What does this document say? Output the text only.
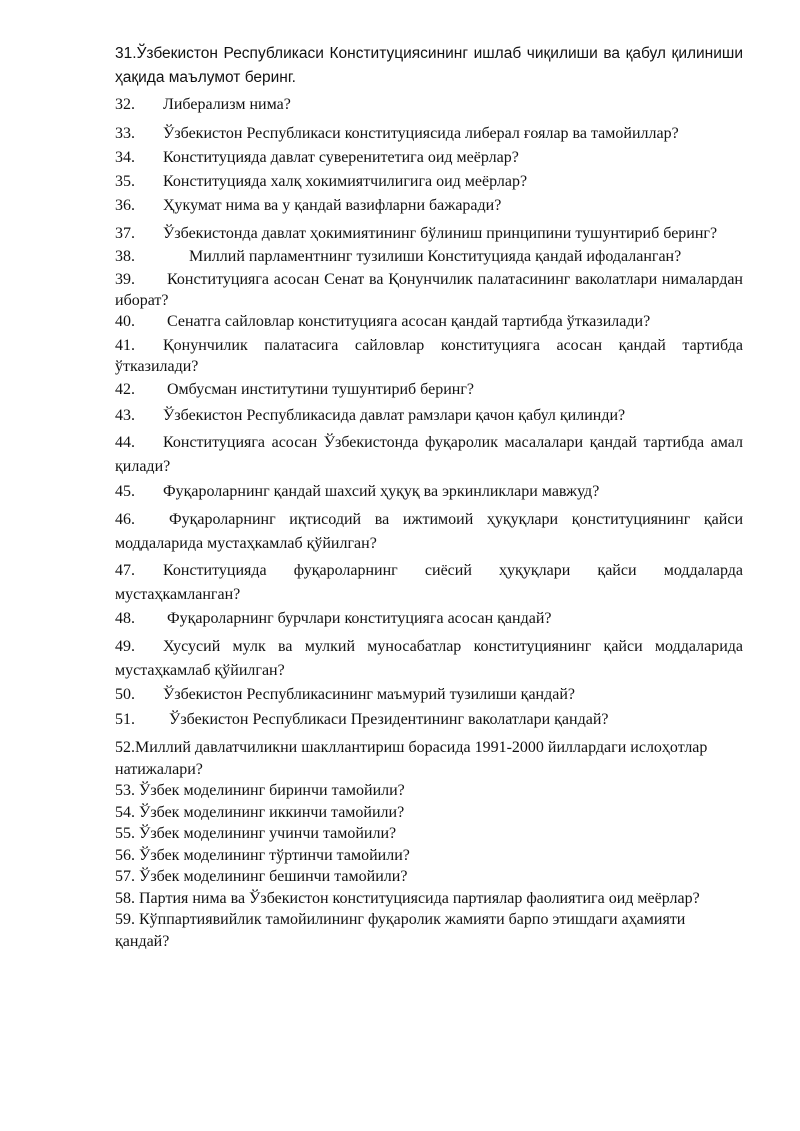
31.Ўзбекистон Республикаси Конституциясининг ишлаб чиқилиши ва қабул қилиниши ҳақида маълумот беринг.

32.	Либерализм нима?
33.	Ўзбекистон Республикаси конституциясида либерал ғоялар ва тамойиллар?
34.	Конституцияда давлат суверенитетига оид меёрлар?
35.	Конституцияда халқ хокимиятчилигига оид меёрлар?
36.	Ҳукумат нима ва у қандай вазифларни бажаради?
37.	Ўзбекистонда давлат ҳокимиятининг бўлиниш принципини тушунтириб беринг?
38.	Миллий парламентнинг тузилиши Конституцияда қандай ифодаланган?
39.	Конституцияга асосан Сенат ва Қонунчилик палатасининг ваколатлари нималардан иборат?
40.	Сенатга сайловлар конституцияга асосан қандай тартибда ўтказилади?
41.	Қонунчилик палатасига сайловлар конституцияга асосан қандай тартибда ўтказилади?
42.	Омбусман институтини тушунтириб беринг?
43.	Ўзбекистон Республикасида давлат рамзлари қачон қабул қилинди?
44.	Конституцияга асосан Ўзбекистонда фуқаролик масалалари қандай тартибда амал қилади?
45.	Фуқароларнинг қандай шахсий ҳуқуқ ва эркинликлари мавжуд?
46.	Фуқароларнинг иқтисодий ва ижтимоий ҳуқуқлари қонституциянинг қайси моддаларида мустаҳкамлаб қўйилган?
47.	Конституцияда фуқароларнинг сиёсий ҳуқуқлари қайси моддаларда мустаҳкамланган?
48.	Фуқароларнинг бурчлари конституцияга асосан қандай?
49.	Хусусий мулк ва мулкий муносабатлар конституциянинг қайси моддаларида мустаҳкамлаб қўйилган?
50.	Ўзбекистон Республикасининг маъмурий тузилиши қандай?
51.	Ўзбекистон Республикаси Президентининг ваколатлари қандай?

52.Миллий давлатчиликни шакллантириш борасида 1991-2000 йиллардаги ислоҳотлар натижалари?

53. Ўзбек моделининг биринчи тамойили?

54. Ўзбек моделининг иккинчи тамойили?

55. Ўзбек моделининг учинчи тамойили?

56. Ўзбек моделининг тўртинчи тамойили?

57. Ўзбек моделининг бешинчи тамойили?

58. Партия нима ва Ўзбекистон конституциясида партиялар фаолиятига оид меёрлар?

59. Кўппартиявийлик тамойилининг фуқаролик жамияти барпо этишдаги аҳамияти қандай?
